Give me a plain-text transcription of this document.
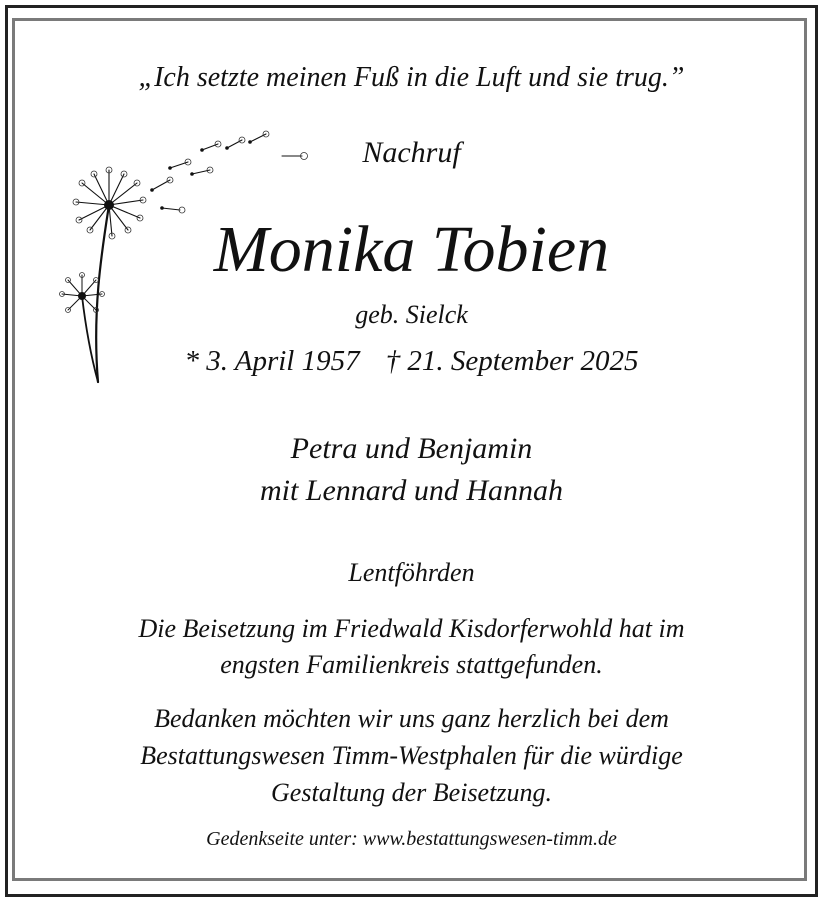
„Ich setzte meinen Fuß in die Luft und sie trug.”
Nachruf
Monika Tobien
geb. Sielck
* 3. April 1957 † 21. September 2025
Petra und Benjamin
mit Lennard und Hannah
Lentföhrden
Die Beisetzung im Friedwald Kisdorferwohld hat im
engsten Familienkreis stattgefunden.
Bedanken möchten wir uns ganz herzlich bei dem
Bestattungswesen Timm-Westphalen für die würdige
Gestaltung der Beisetzung.
Gedenkseite unter: www.bestattungswesen-timm.de
